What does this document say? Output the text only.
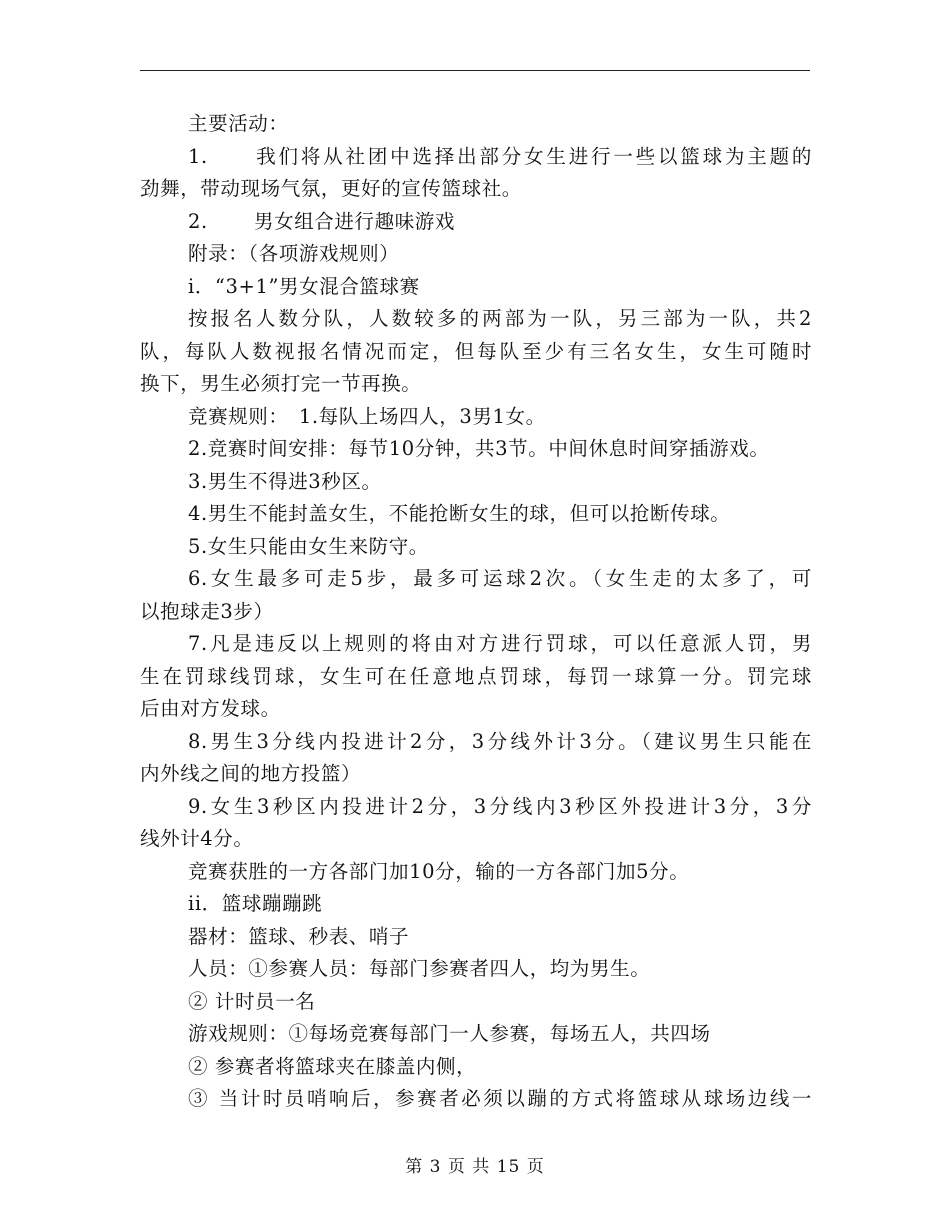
主要活动：
1. 我们将从社团中选择出部分女生进行一些以篮球为主题的
劲舞，带动现场气氛，更好的宣传篮球社。
2. 男女组合进行趣味游戏
附录：（各项游戏规则）
i．“3+1”男女混合篮球赛
按报名人数分队，人数较多的两部为一队，另三部为一队，共2
队，每队人数视报名情况而定，但每队至少有三名女生，女生可随时
换下，男生必须打完一节再换。
竞赛规则：　1.每队上场四人，3男1女。
2.竞赛时间安排：每节10分钟，共3节。中间休息时间穿插游戏。
3.男生不得进3秒区。
4.男生不能封盖女生，不能抢断女生的球，但可以抢断传球。
5.女生只能由女生来防守。
6.女生最多可走5步，最多可运球2次。（女生走的太多了，可
以抱球走3步）
7.凡是违反以上规则的将由对方进行罚球，可以任意派人罚，男
生在罚球线罚球，女生可在任意地点罚球，每罚一球算一分。罚完球
后由对方发球。
8.男生3分线内投进计2分，3分线外计3分。（建议男生只能在
内外线之间的地方投篮）
9.女生3秒区内投进计2分，3分线内3秒区外投进计3分，3分
线外计4分。
竞赛获胜的一方各部门加10分，输的一方各部门加5分。
ii．篮球蹦蹦跳
器材：篮球、秒表、哨子
人员：①参赛人员：每部门参赛者四人，均为男生。
② 计时员一名
游戏规则：①每场竞赛每部门一人参赛，每场五人，共四场
② 参赛者将篮球夹在膝盖内侧，
③ 当计时员哨响后，参赛者必须以蹦的方式将篮球从球场边线一
第 3 页 共 15 页
